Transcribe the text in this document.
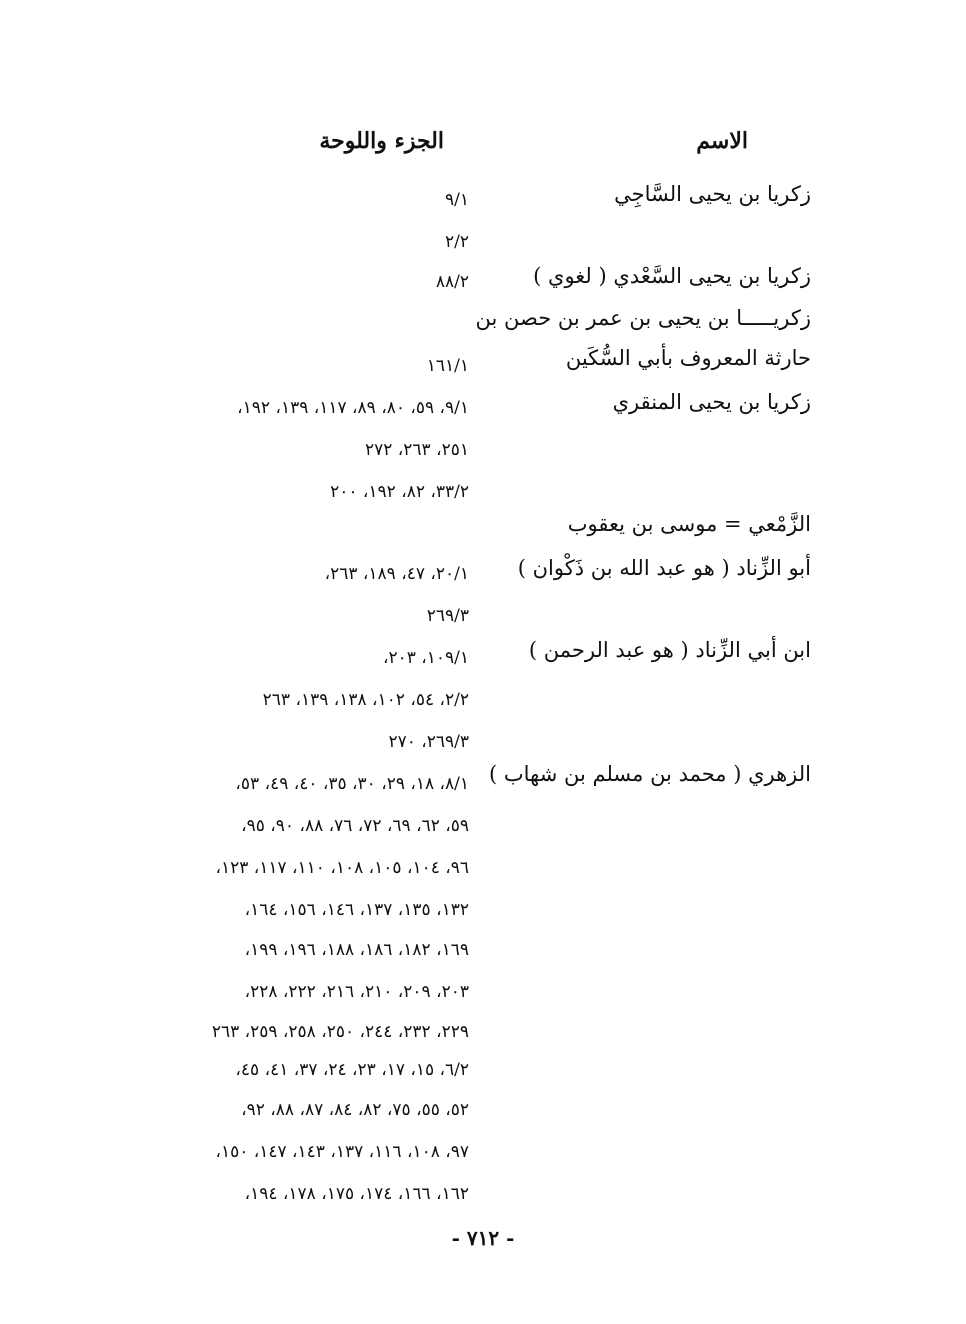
الاسم
الجزء واللوحة
زكريا بن يحيى السَّاجِي
زكريا بن يحيى السَّعْدي ( لغوي )
زكريـــــا بن يحيى بن عمر بن حصن بن
حارثة المعروف بأبي السُّكَين
زكريا بن يحيى المنقري
الزَّمْعي = موسى بن يعقوب
أبو الزِّناد ( هو عبد الله بن ذَكْوان )
ابن أبي الزِّناد ( هو عبد الرحمن )
الزهري ( محمد بن مسلم بن شهاب )
٩/١
٢/٢
٨٨/٢
١٦١/١
٩/١، ٥٩، ٨٠، ٨٩، ١١٧، ١٣٩، ١٩٢،
٢٥١، ٢٦٣، ٢٧٢
٣٣/٢، ٨٢، ١٩٢، ٢٠٠
٢٠/١، ٤٧، ١٨٩، ٢٦٣،
٢٦٩/٣
١٠٩/١، ٢٠٣،
٢/٢، ٥٤، ١٠٢، ١٣٨، ١٣٩، ٢٦٣
٢٦٩/٣، ٢٧٠
٨/١، ١٨، ٢٩، ٣٠، ٣٥، ٤٠، ٤٩، ٥٣،
٥٩، ٦٢، ٦٩، ٧٢، ٧٦، ٨٨، ٩٠، ٩٥،
٩٦، ١٠٤، ١٠٥، ١٠٨، ١١٠، ١١٧، ١٢٣،
١٣٢، ١٣٥، ١٣٧، ١٤٦، ١٥٦، ١٦٤،
١٦٩، ١٨٢، ١٨٦، ١٨٨، ١٩٦، ١٩٩،
٢٠٣، ٢٠٩، ٢١٠، ٢١٦، ٢٢٢، ٢٢٨،
٢٢٩، ٢٣٢، ٢٤٤، ٢٥٠، ٢٥٨، ٢٥٩، ٢٦٣
٦/٢، ١٥، ١٧، ٢٣، ٢٤، ٣٧، ٤١، ٤٥،
٥٢، ٥٥، ٧٥، ٨٢، ٨٤، ٨٧، ٨٨، ٩٢،
٩٧، ١٠٨، ١١٦، ١٣٧، ١٤٣، ١٤٧، ١٥٠،
١٦٢، ١٦٦، ١٧٤، ١٧٥، ١٧٨، ١٩٤،
- ٧١٢ -
